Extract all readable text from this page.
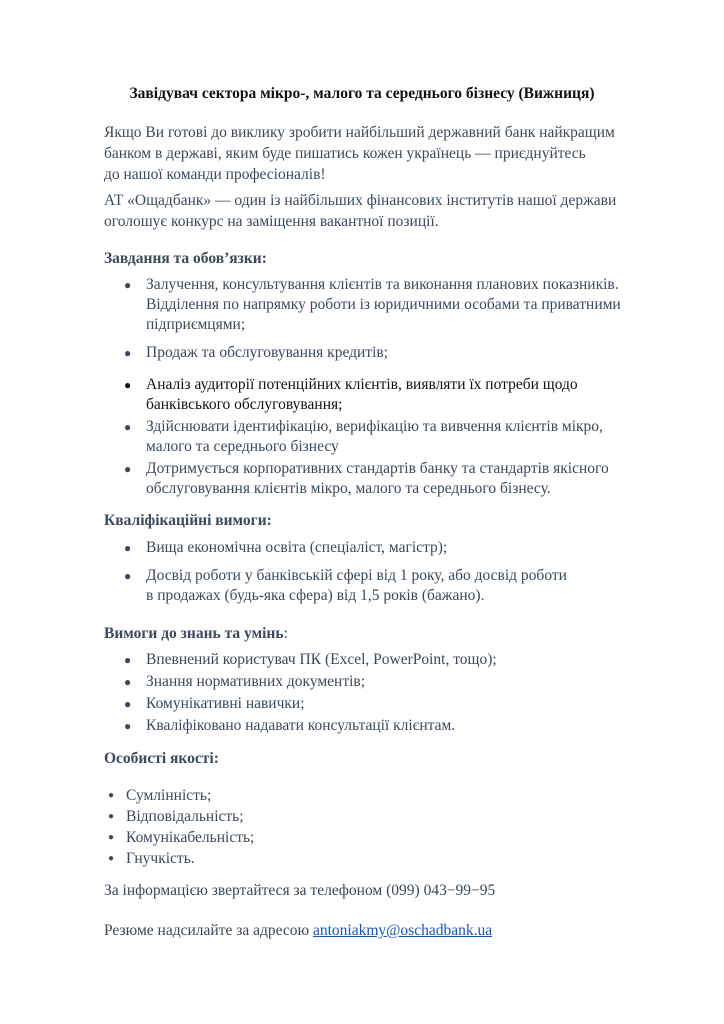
Завідувач сектора мікро-, малого та середнього бізнесу (Вижниця)

Якщо Ви готові до виклику зробити найбільший державний банк найкращим
банком в державі, яким буде пишатись кожен українець — приєднуйтесь
до нашої команди професіоналів!

АТ «Ощадбанк» — один із найбільших фінансових інститутів нашої держави
оголошує конкурс на заміщення вакантної позиції.

Завдання та обов’язки:
● Залучення, консультування клієнтів та виконання планових показників.
Відділення по напрямку роботи із юридичними особами та приватними
підприємцями;
● Продаж та обслуговування кредитів;
● Аналіз аудиторії потенційних клієнтів, виявляти їх потреби щодо
банківського обслуговування;
● Здійснювати ідентифікацію, верифікацію та вивчення клієнтів мікро,
малого та середнього бізнесу
● Дотримується корпоративних стандартів банку та стандартів якісного
обслуговування клієнтів мікро, малого та середнього бізнесу.
Кваліфікаційні вимоги:
● Вища економічна освіта (спеціаліст, магістр);
● Досвід роботи у банківській сфері від 1 року, або досвід роботи
в продажах (будь-яка сфера) від 1,5 років (бажано).
Вимоги до знань та умінь:
● Впевнений користувач ПК (Excel, PowerPoint, тощо);
● Знання нормативних документів;
● Комунікативні навички;
● Кваліфіковано надавати консультації клієнтам.
Особисті якості:
● Сумлінність;
● Відповідальність;
● Комунікабельність;
● Гнучкість.

За інформацією звертайтеся за телефоном (099) 043−99−95

Резюме надсилайте за адресою antoniakmy@oschadbank.ua
